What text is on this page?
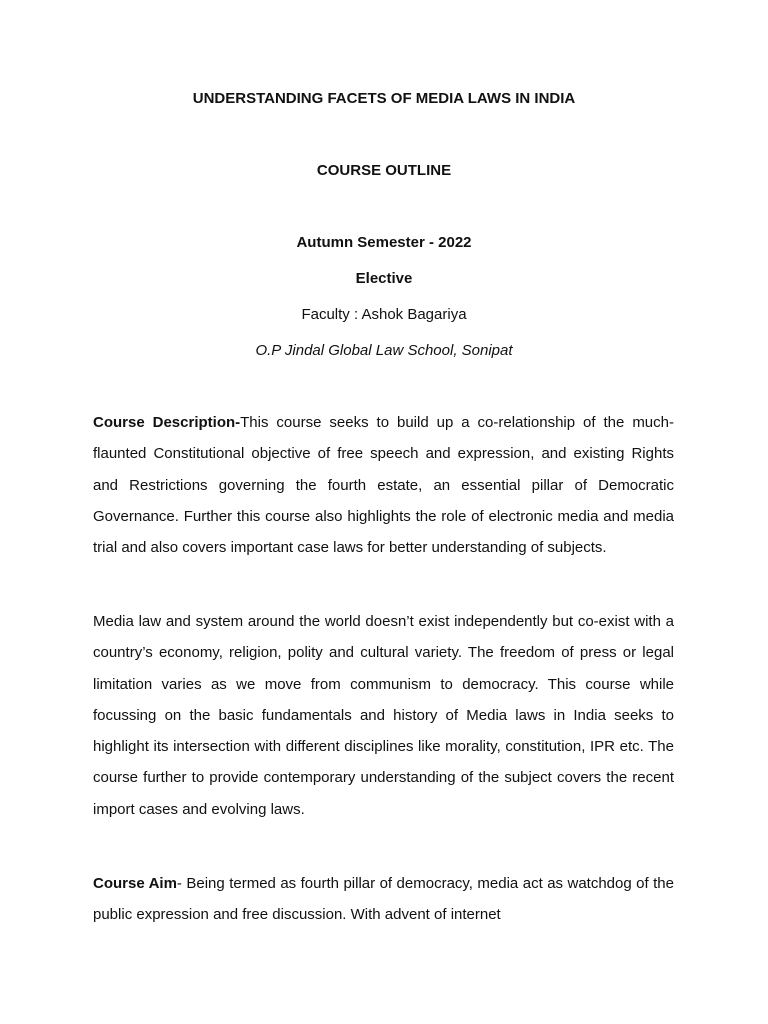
UNDERSTANDING FACETS OF MEDIA LAWS IN INDIA
COURSE OUTLINE
Autumn Semester - 2022
Elective
Faculty : Ashok Bagariya
O.P Jindal Global Law School, Sonipat

Course Description-This course seeks to build up a co-relationship of the much-flaunted Constitutional objective of free speech and expression, and existing Rights and Restrictions governing the fourth estate, an essential pillar of Democratic Governance. Further this course also highlights the role of electronic media and media trial and also covers important case laws for better understanding of subjects.

Media law and system around the world doesn’t exist independently but co-exist with a country’s economy, religion, polity and cultural variety. The freedom of press or legal limitation varies as we move from communism to democracy. This course while focussing on the basic fundamentals and history of Media laws in India seeks to highlight its intersection with different disciplines like morality, constitution, IPR etc. The course further to provide contemporary understanding of the subject covers the recent import cases and evolving laws.

Course Aim- Being termed as fourth pillar of democracy, media act as watchdog of the public expression and free discussion. With advent of internet
